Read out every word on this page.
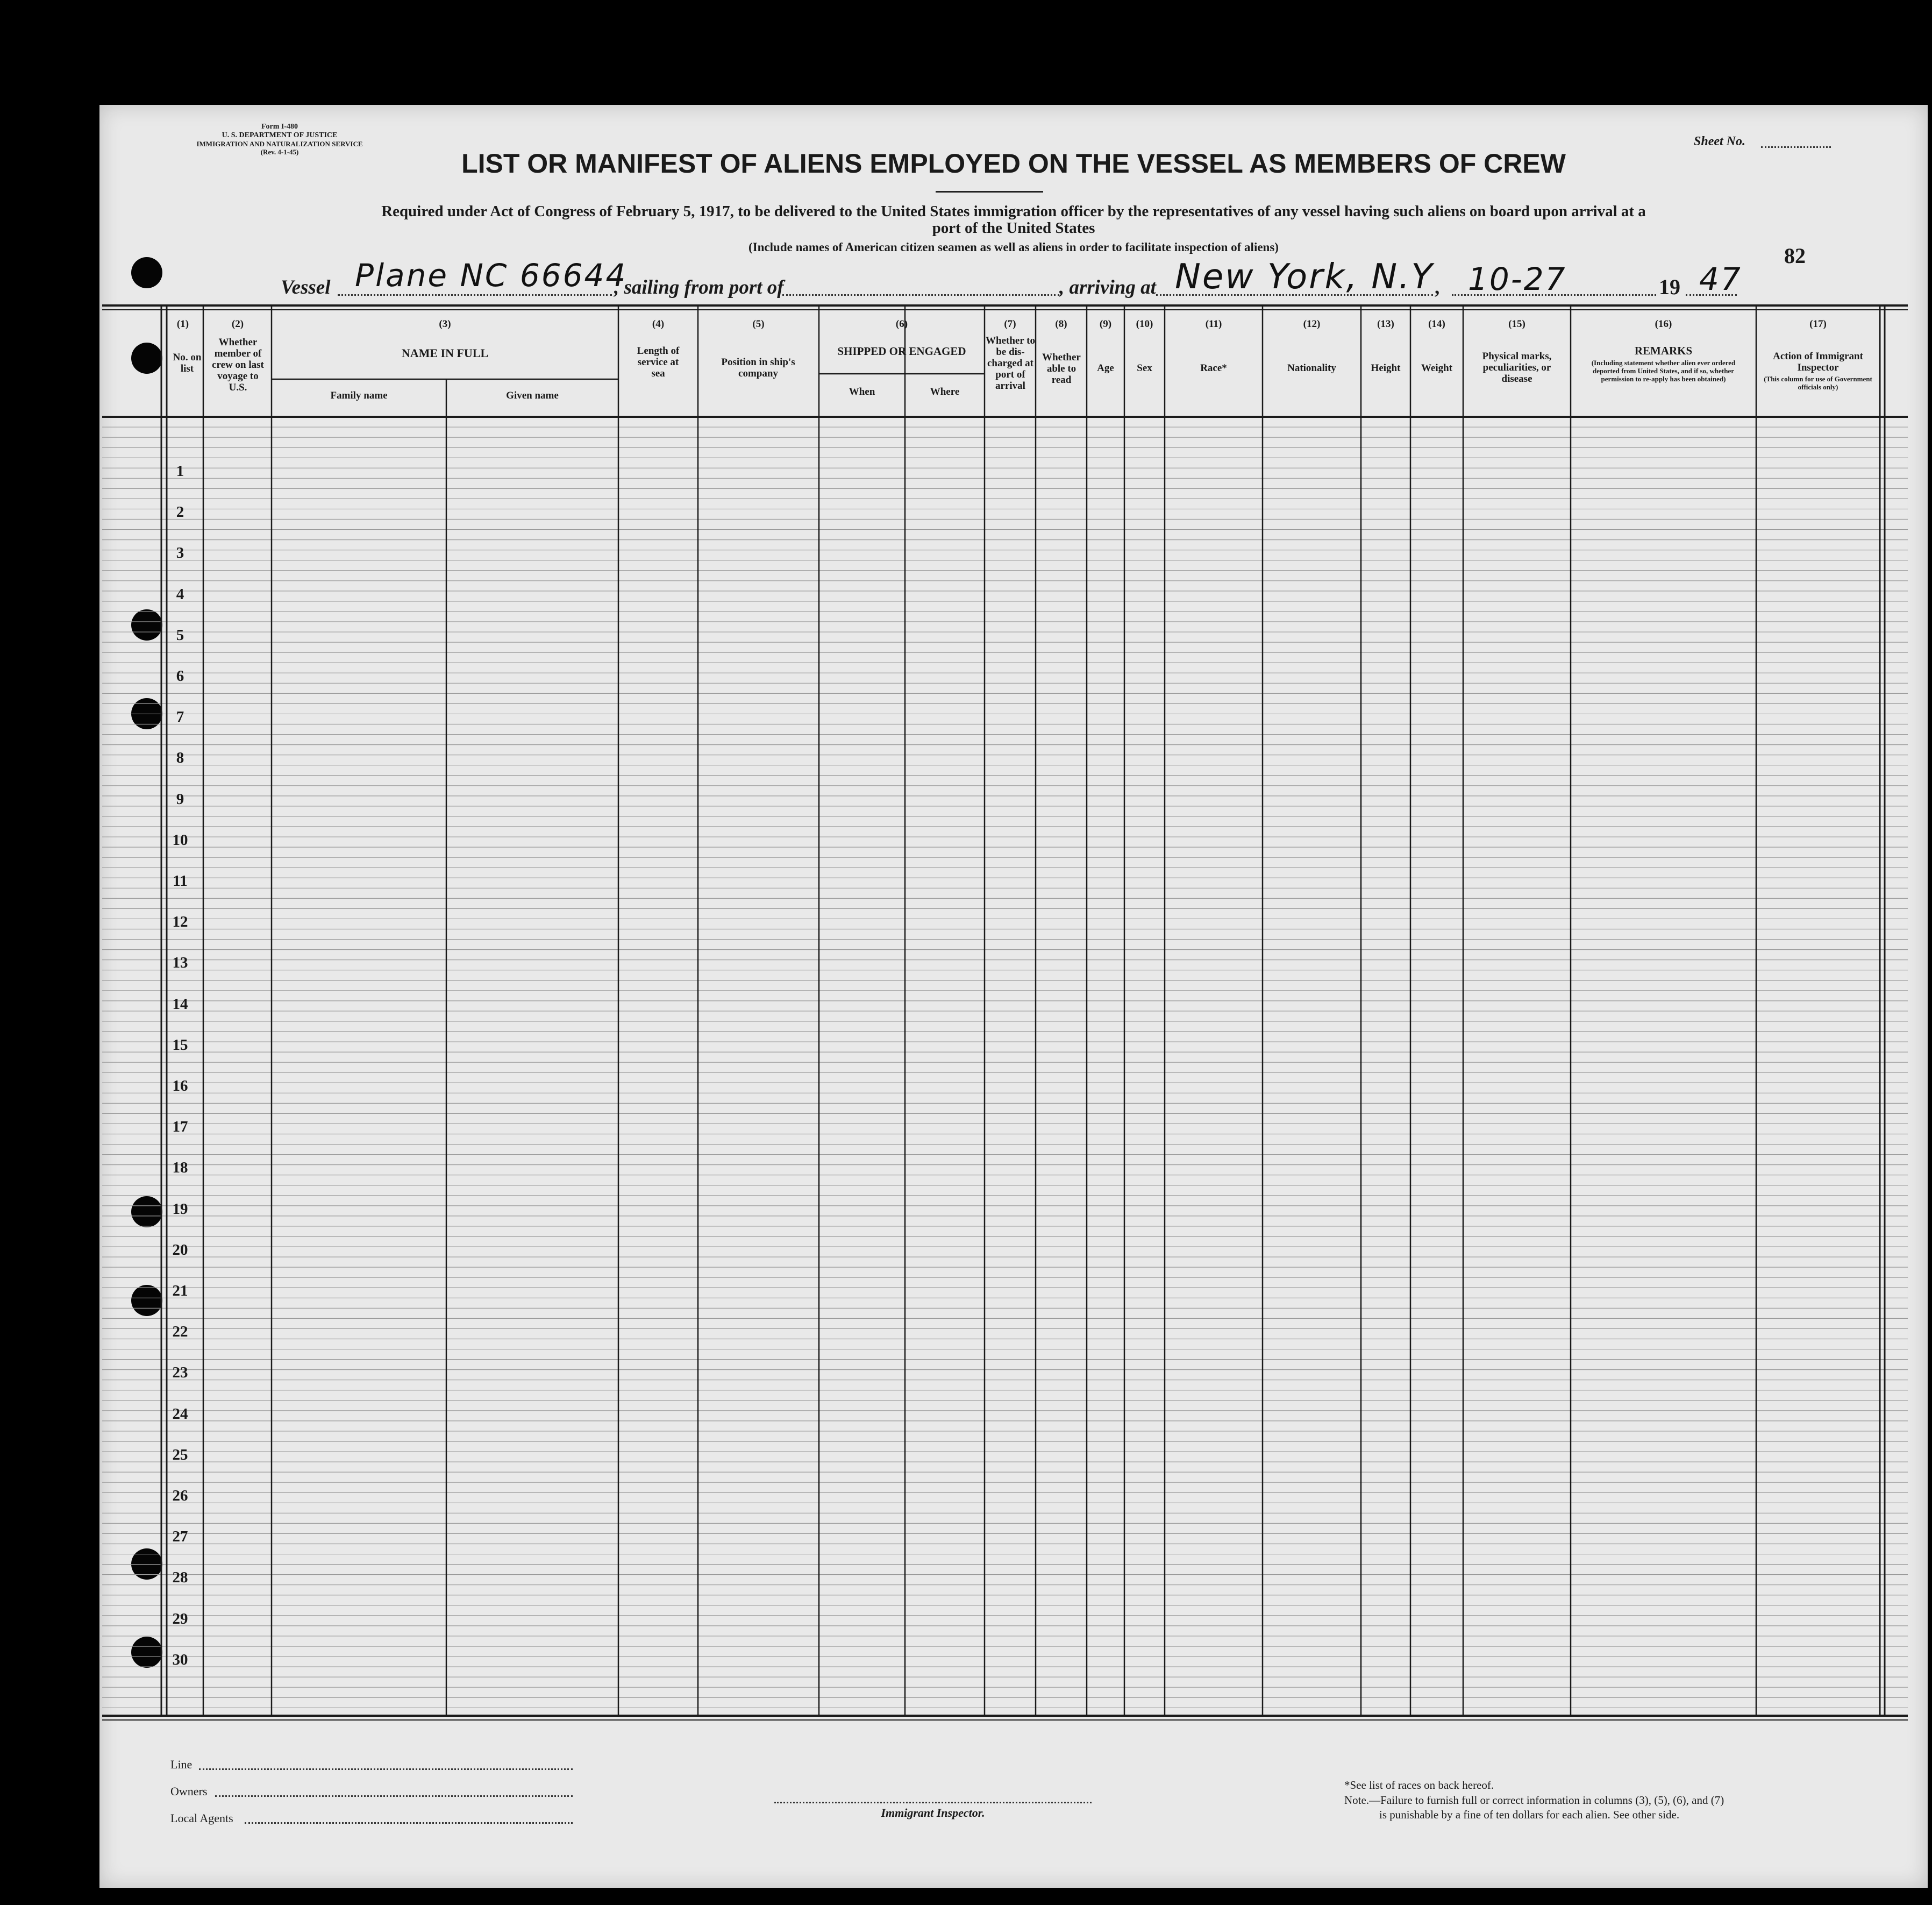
Form I-480
U. S. DEPARTMENT OF JUSTICE
IMMIGRATION AND NATURALIZATION SERVICE
(Rev. 4-1-45)
Sheet No.
LIST OR MANIFEST OF ALIENS EMPLOYED ON THE VESSEL AS MEMBERS OF CREW
Required under Act of Congress of February 5, 1917, to be delivered to the United States immigration officer by the representatives of any vessel having such aliens on board upon arrival at a
port of the United States
(Include names of American citizen seamen as well as aliens in order to facilitate inspection of aliens)	82
Vessel Plane NC 66644
, sailing from port of	, arriving at New York, N.Y , 10-27	19 47
(1)
No. on list
(2)
Whether member of crew on last voyage to U.S.
(3)
NAME IN FULL
Family name	Given name
(4)
Length of service at sea
(5)
Position in ship's company
(6)
SHIPPED OR ENGAGED
When	Where
(7)
Whether to be dis-charged at port of arrival
(8)
Whether able to read
(9)
Age
(10)
Sex
(11)
Race*
(12)
Nationality
(13)
Height
(14)
Weight
(15)
Physical marks, peculiarities, or disease
(16)
REMARKS
(Including statement whether alien ever ordered deported from United States, and if so, whether permission to re-apply has been obtained)
(17)
Action of Immigrant Inspector
(This column for use of Government officials only)
1
2
3
4
5
6
7
8
9
10
11
12
13
14
15
16
17
18
19
20
21
22
23
24
25
26
27
28
29
30
Line
Owners
Local Agents	Immigrant Inspector.
*See list of races on back hereof.
Note.—Failure to furnish full or correct information in columns (3), (5), (6), and (7)
is punishable by a fine of ten dollars for each alien. See other side.
